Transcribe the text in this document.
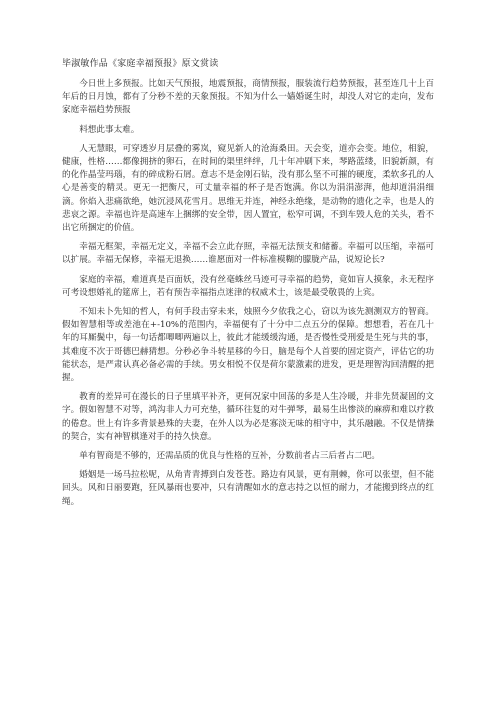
毕淑敏作品《家庭幸福预报》原文赏读

今日世上多预报。比如天气预报，地震预报，商情预报，服装流行趋势预报，甚至连几十上百年后的日月蚀，都有了分秒不差的天象预报。不知为什么一嫱婚诞生时，却没人对它的走向，发布家庭幸福趋势预报

料想此事太难。

人无慧眼，可穿透岁月层叠的雾岚，窥见新人的沧海桑田。天会变，道亦会变。地位，相貌，健康，性格……都像拥挤的卵石，在时间的渠里绊绊，几十年冲刷下来，琴路蓝缕，旧貌新颜，有的化作晶莹玛瑙，有的碎成粉石屑。意志不是金刚石钻，没有那么坚不可摧的硬度，柔软多孔的人心是善变的精灵。更无一把衡尺，可丈量幸福的杯子是否饱满。你以为涓涓澎湃，他却道涓涓细滴。你焰入悲痛欲绝，她沉浸风花雪月。思维无并连，神经永绝缘，是动物的遗化之幸，也是人的悲哀之源。幸福也许是高速车上捆绑的安全带，因人置宜，松窄可调，不到车毁人危的关头，看不出它所捆定的价值。

幸福无框架，幸福无定义，幸福不会立此存照，幸福无法预支和储蓄。幸福可以压缩，幸福可以扩展。幸福无保修，幸福无退换……谁愿面对一件标准模糊的朦胧产品，说短论长?

家庭的幸福，难道真是百面妖，没有丝毫蛛丝马迹可寻幸福的趋势，竟如盲人摸象，永无程序可考设想婚礼的筵席上，若有预告幸福指点迷津的权威术士，该是最受敬畏的上宾。

不知未卜先知的哲人，有何手段击穿未来，烛照今夕依我之心，窃以为该先测测双方的智商。假如智慧相等或差池在+-10%的范围内，幸福便有了十分中二点五分的保障。想想看，若在几十年的耳厮鬓中，每一句话都唧唧两遍以上，彼此才能缓缓沟通，是否慢性受刑爱是生死与共的事，其难度不次于哥德巴赫猜想。分秒必争斗转星移的今日，脑是每个人首要的固定资产，评估它的功能状态，是严肃认真必备必需的手续。男女相悦不仅是荷尔蒙激素的进发，更是理智沟回清醒的把握。

教育的差异可在漫长的日子里填平补齐，更何况家中回荡的多是人生冷暖，并非先贤凝固的文字。假如智慧不对等，鸿沟非人力可充垫，循环往复的对牛弹琴，最易生出惨淡的麻痹和难以疗救的倦怠。世上有许多背景悬殊的夫妻，在外人以为必是寡淡无味的相守中，其乐融融。不仅是情操的契合，实有神智棋逢对手的持久快意。

单有智商是不够的，还需品质的优良与性格的互补，分数前者占三后者占二吧。

婚姻是一场马拉松呢，从角青青搏到白发苍苍。路边有风景，更有荆棘，你可以张望，但不能回头。风和日丽要跑，狂风暴雨也要冲，只有清醒如水的意志持之以恒的耐力，才能搬到终点的红绳。
